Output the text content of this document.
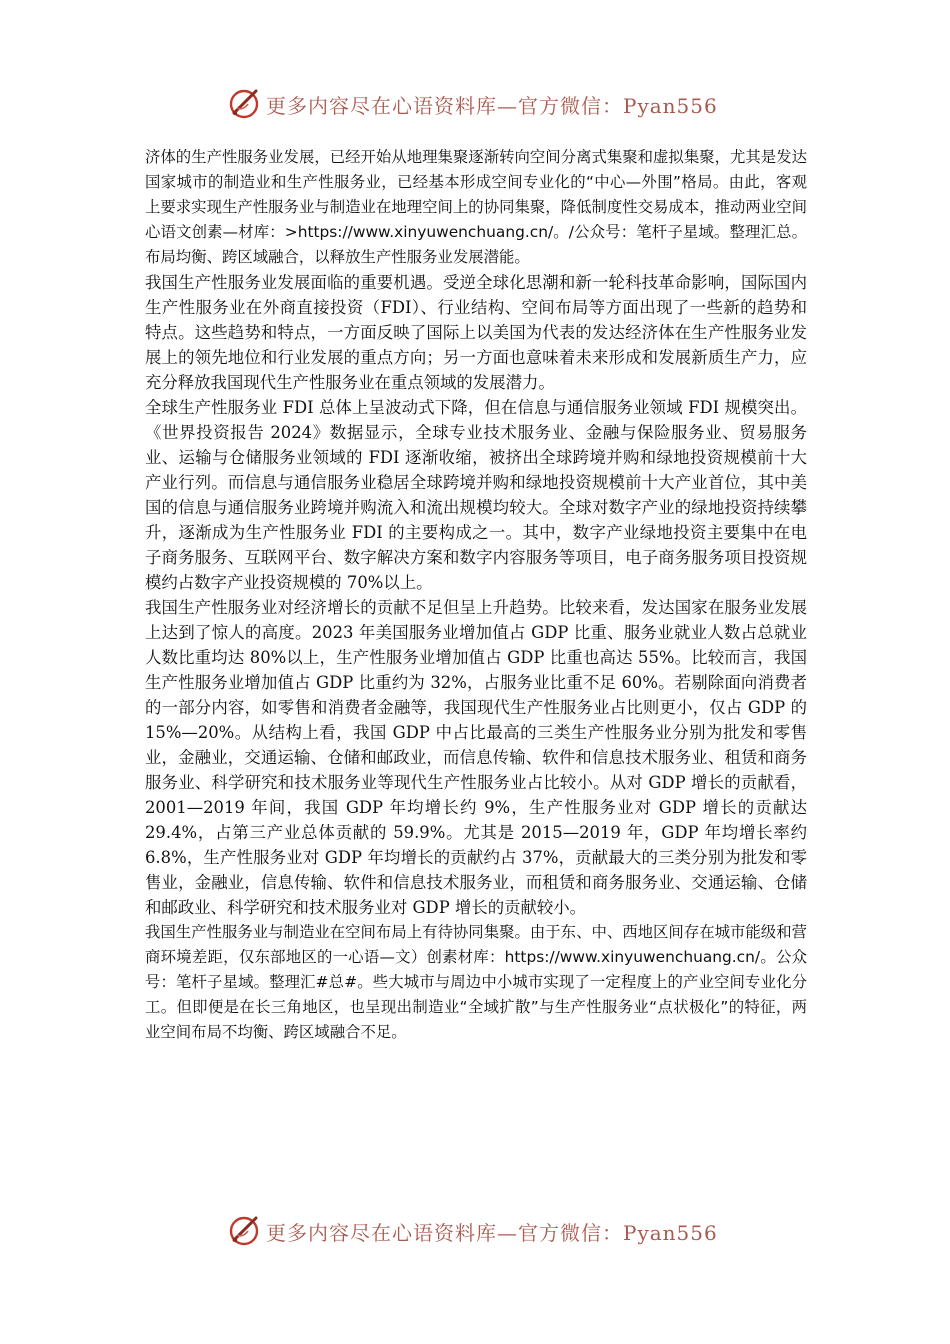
更多内容尽在心语资料库—官方微信：Pyan556

济体的生产性服务业发展，已经开始从地理集聚逐渐转向空间分离式集聚和虚拟集聚，尤其是发达国家城市的制造业和生产性服务业，已经基本形成空间专业化的“中心—外围”格局。由此，客观上要求实现生产性服务业与制造业在地理空间上的协同集聚，降低制度性交易成本，推动两业空间心语文创素—材库：>https://www.xinyuwenchuang.cn/。/公众号：笔杆子星域。整理汇总。布局均衡、跨区域融合，以释放生产性服务业发展潜能。

我国生产性服务业发展面临的重要机遇。受逆全球化思潮和新一轮科技革命影响，国际国内生产性服务业在外商直接投资（FDI）、行业结构、空间布局等方面出现了一些新的趋势和特点。这些趋势和特点，一方面反映了国际上以美国为代表的发达经济体在生产性服务业发展上的领先地位和行业发展的重点方向；另一方面也意味着未来形成和发展新质生产力，应充分释放我国现代生产性服务业在重点领域的发展潜力。

全球生产性服务业 FDI 总体上呈波动式下降，但在信息与通信服务业领域 FDI 规模突出。《世界投资报告 2024》数据显示，全球专业技术服务业、金融与保险服务业、贸易服务业、运输与仓储服务业领域的 FDI 逐渐收缩，被挤出全球跨境并购和绿地投资规模前十大产业行列。而信息与通信服务业稳居全球跨境并购和绿地投资规模前十大产业首位，其中美国的信息与通信服务业跨境并购流入和流出规模均较大。全球对数字产业的绿地投资持续攀升，逐渐成为生产性服务业 FDI 的主要构成之一。其中，数字产业绿地投资主要集中在电子商务服务、互联网平台、数字解决方案和数字内容服务等项目，电子商务服务项目投资规模约占数字产业投资规模的 70%以上。

我国生产性服务业对经济增长的贡献不足但呈上升趋势。比较来看，发达国家在服务业发展上达到了惊人的高度。2023 年美国服务业增加值占 GDP 比重、服务业就业人数占总就业人数比重均达 80%以上，生产性服务业增加值占 GDP 比重也高达 55%。比较而言，我国生产性服务业增加值占 GDP 比重约为 32%，占服务业比重不足 60%。若剔除面向消费者的一部分内容，如零售和消费者金融等，我国现代生产性服务业占比则更小，仅占 GDP 的 15%—20%。从结构上看，我国 GDP 中占比最高的三类生产性服务业分别为批发和零售业，金融业，交通运输、仓储和邮政业，而信息传输、软件和信息技术服务业、租赁和商务服务业、科学研究和技术服务业等现代生产性服务业占比较小。从对 GDP 增长的贡献看，2001—2019 年间，我国 GDP 年均增长约 9%，生产性服务业对 GDP 增长的贡献达 29.4%，占第三产业总体贡献的 59.9%。尤其是 2015—2019 年，GDP 年均增长率约 6.8%，生产性服务业对 GDP 年均增长的贡献约占 37%，贡献最大的三类分别为批发和零售业，金融业，信息传输、软件和信息技术服务业，而租赁和商务服务业、交通运输、仓储和邮政业、科学研究和技术服务业对 GDP 增长的贡献较小。

我国生产性服务业与制造业在空间布局上有待协同集聚。由于东、中、西地区间存在城市能级和营商环境差距，仅东部地区的一心语—文）创素材库：https://www.xinyuwenchuang.cn/。公众号：笔杆子星域。整理汇#总#。些大城市与周边中小城市实现了一定程度上的产业空间专业化分工。但即便是在长三角地区，也呈现出制造业“全域扩散”与生产性服务业“点状极化”的特征，两业空间布局不均衡、跨区域融合不足。

更多内容尽在心语资料库—官方微信：Pyan556
